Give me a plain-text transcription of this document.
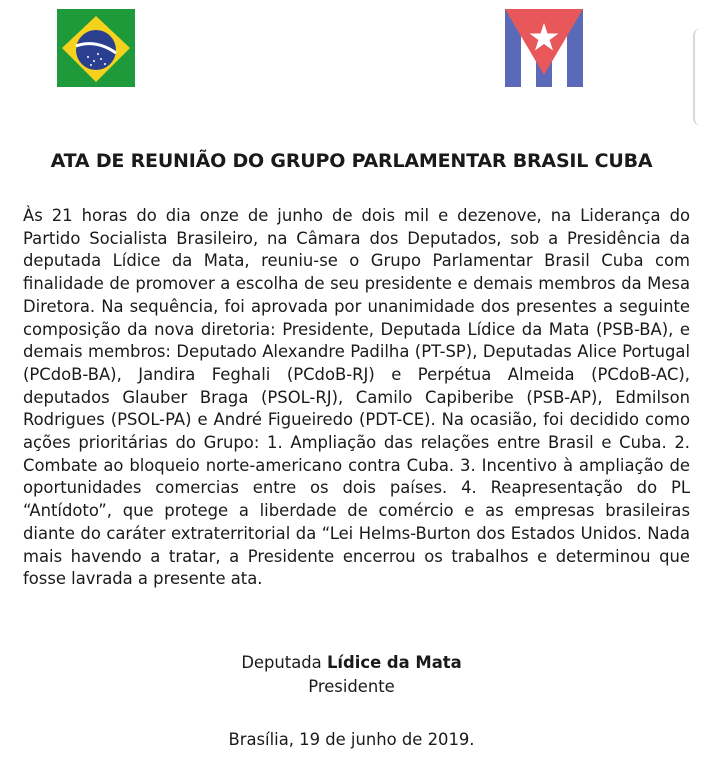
ATA DE REUNIÃO DO GRUPO PARLAMENTAR BRASIL CUBA

Às 21 horas do dia onze de junho de dois mil e dezenove, na Liderança do Partido Socialista Brasileiro, na Câmara dos Deputados, sob a Presidência da deputada Lídice da Mata, reuniu-se o Grupo Parlamentar Brasil Cuba com finalidade de promover a escolha de seu presidente e demais membros da Mesa Diretora. Na sequência, foi aprovada por unanimidade dos presentes a seguinte composição da nova diretoria: Presidente, Deputada Lídice da Mata (PSB-BA), e demais membros: Deputado Alexandre Padilha (PT-SP), Deputadas Alice Portugal (PCdoB-BA), Jandira Feghali (PCdoB-RJ) e Perpétua Almeida (PCdoB-AC), deputados Glauber Braga (PSOL-RJ), Camilo Capiberibe (PSB-AP), Edmilson Rodrigues (PSOL-PA) e André Figueiredo (PDT-CE). Na ocasião, foi decidido como ações prioritárias do Grupo: 1. Ampliação das relações entre Brasil e Cuba. 2. Combate ao bloqueio norte-americano contra Cuba. 3. Incentivo à ampliação de oportunidades comercias entre os dois países. 4. Reapresentação do PL “Antídoto”, que protege a liberdade de comércio e as empresas brasileiras diante do caráter extraterritorial da “Lei Helms-Burton dos Estados Unidos. Nada mais havendo a tratar, a Presidente encerrou os trabalhos e determinou que fosse lavrada a presente ata.

Deputada Lídice da Mata
Presidente
Brasília, 19 de junho de 2019.
